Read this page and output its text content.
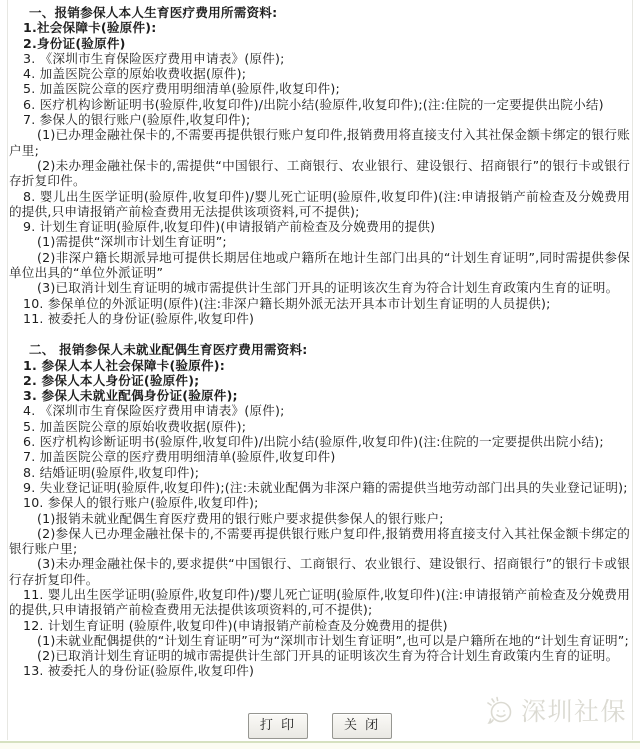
一、报销参保人本人生育医疗费用所需资料:

1.社会保障卡(验原件):

2.身份证(验原件)

3. 《深圳市生育保险医疗费用申请表》(原件);

4. 加盖医院公章的原始收费收据(原件);

5. 加盖医院公章的医疗费用明细清单(验原件,收复印件);

6. 医疗机构诊断证明书(验原件,收复印件)/出院小结(验原件,收复印件);(注:住院的一定要提供出院小结)

7. 参保人的银行账户(验原件,收复印件);

(1)已办理金融社保卡的,不需要再提供银行账户复印件,报销费用将直接支付入其社保金额卡绑定的银行账户里;

(2)未办理金融社保卡的,需提供“中国银行、工商银行、农业银行、建设银行、招商银行”的银行卡或银行存折复印件。

8. 婴儿出生医学证明(验原件,收复印件)/婴儿死亡证明(验原件,收复印件)(注:申请报销产前检查及分娩费用的提供,只申请报销产前检查费用无法提供该项资料,可不提供);

9. 计划生育证明(验原件,收复印件)(申请报销产前检查及分娩费用的提供)

(1)需提供“深圳市计划生育证明”;

(2)非深户籍长期派异地可提供长期居住地或户籍所在地计生部门出具的“计划生育证明”,同时需提供参保单位出具的“单位外派证明”

(3)已取消计划生育证明的城市需提供计生部门开具的证明该次生育为符合计划生育政策内生育的证明。

10. 参保单位的外派证明(原件)(注:非深户籍长期外派无法开具本市计划生育证明的人员提供);

11. 被委托人的身份证(验原件,收复印件)

二、 报销参保人未就业配偶生育医疗费用需资料:

1. 参保人本人社会保障卡(验原件):

2. 参保人本人身份证(验原件);

3. 参保人未就业配偶身份证(验原件);

4. 《深圳市生育保险医疗费用申请表》(原件);

5. 加盖医院公章的原始收费收据(原件);

6. 医疗机构诊断证明书(验原件,收复印件)/出院小结(验原件,收复印件)(注:住院的一定要提供出院小结);

7. 加盖医院公章的医疗费用明细清单(验原件,收复印件)

8. 结婚证明(验原件,收复印件);

9. 失业登记证明(验原件,收复印件);(注:未就业配偶为非深户籍的需提供当地劳动部门出具的失业登记证明);

10. 参保人的银行账户(验原件,收复印件);

(1)报销未就业配偶生育医疗费用的银行账户要求提供参保人的银行账户;

(2)参保人已办理金融社保卡的,不需要再提供银行账户复印件,报销费用将直接支付入其社保金额卡绑定的银行账户里;

(3)未办理金融社保卡的,要求提供“中国银行、工商银行、农业银行、建设银行、招商银行”的银行卡或银行存折复印件。

11. 婴儿出生医学证明(验原件,收复印件)/婴儿死亡证明(验原件,收复印件)(注:申请报销产前检查及分娩费用的提供,只申请报销产前检查费用无法提供该项资料的,可不提供);

12. 计划生育证明 (验原件,收复印件)(申请报销产前检查及分娩费用的提供)

(1)未就业配偶提供的“计划生育证明”可为“深圳市计划生育证明”,也可以是户籍所在地的“计划生育证明”;

(2)已取消计划生育证明的城市需提供计生部门开具的证明该次生育为符合计划生育政策内生育的证明。

13. 被委托人的身份证(验原件,收复印件)

深圳社保
打 印	关 闭
